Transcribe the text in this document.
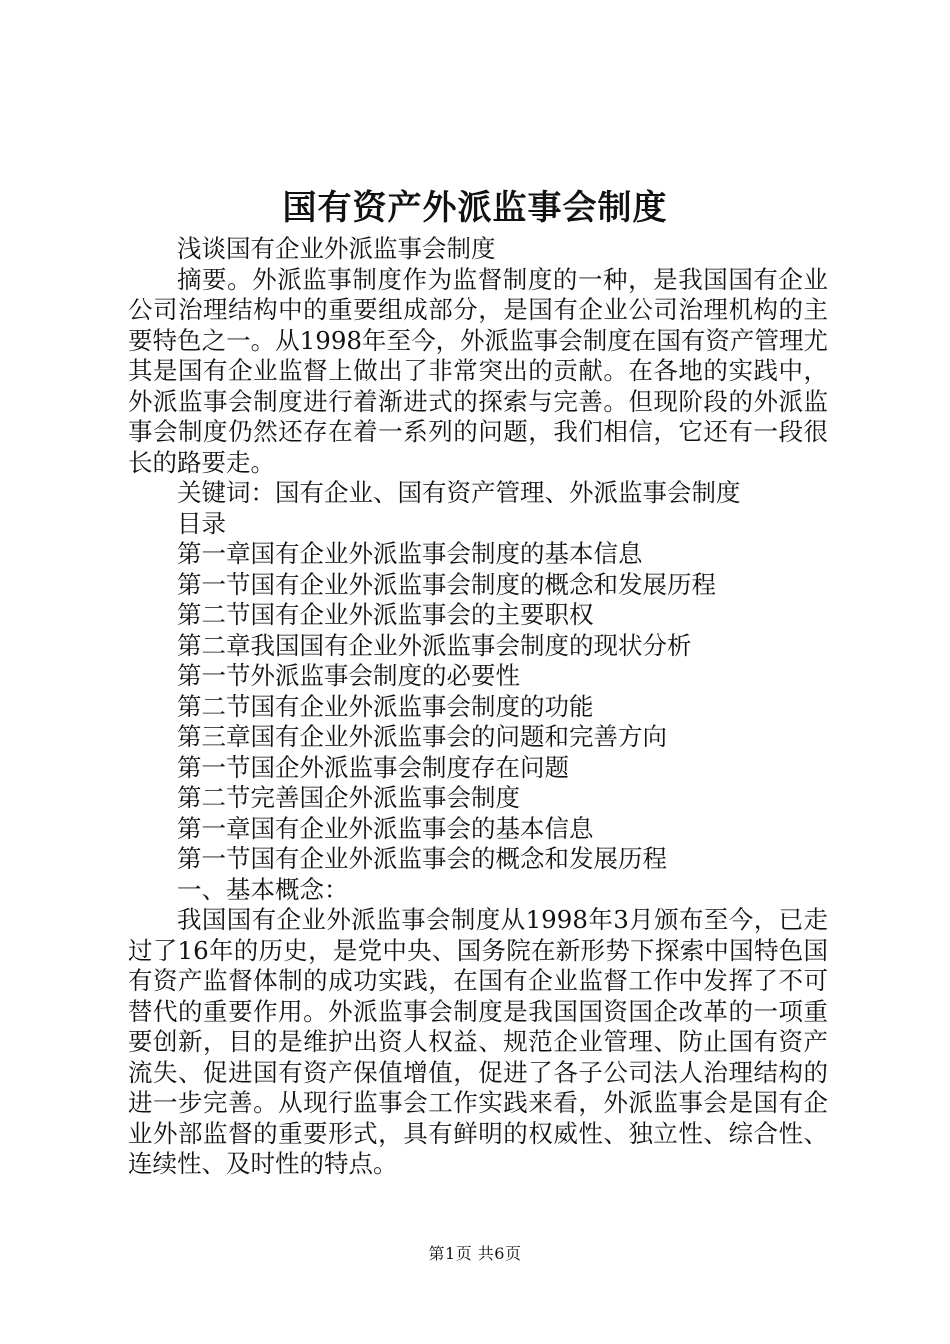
国有资产外派监事会制度

浅谈国有企业外派监事会制度

摘要。外派监事制度作为监督制度的一种，是我国国有企业公司治理结构中的重要组成部分，是国有企业公司治理机构的主要特色之一。从1998年至今，外派监事会制度在国有资产管理尤其是国有企业监督上做出了非常突出的贡献。在各地的实践中，外派监事会制度进行着渐进式的探索与完善。但现阶段的外派监事会制度仍然还存在着一系列的问题，我们相信，它还有一段很长的路要走。

关键词：国有企业、国有资产管理、外派监事会制度

目录

第一章国有企业外派监事会制度的基本信息

第一节国有企业外派监事会制度的概念和发展历程

第二节国有企业外派监事会的主要职权

第二章我国国有企业外派监事会制度的现状分析

第一节外派监事会制度的必要性

第二节国有企业外派监事会制度的功能

第三章国有企业外派监事会的问题和完善方向

第一节国企外派监事会制度存在问题

第二节完善国企外派监事会制度

第一章国有企业外派监事会的基本信息

第一节国有企业外派监事会的概念和发展历程

一、基本概念：

我国国有企业外派监事会制度从1998年3月颁布至今，已走过了16年的历史，是党中央、国务院在新形势下探索中国特色国有资产监督体制的成功实践，在国有企业监督工作中发挥了不可替代的重要作用。外派监事会制度是我国国资国企改革的一项重要创新，目的是维护出资人权益、规范企业管理、防止国有资产流失、促进国有资产保值增值，促进了各子公司法人治理结构的进一步完善。从现行监事会工作实践来看，外派监事会是国有企业外部监督的重要形式，具有鲜明的权威性、独立性、综合性、连续性、及时性的特点。

第1页 共6页
